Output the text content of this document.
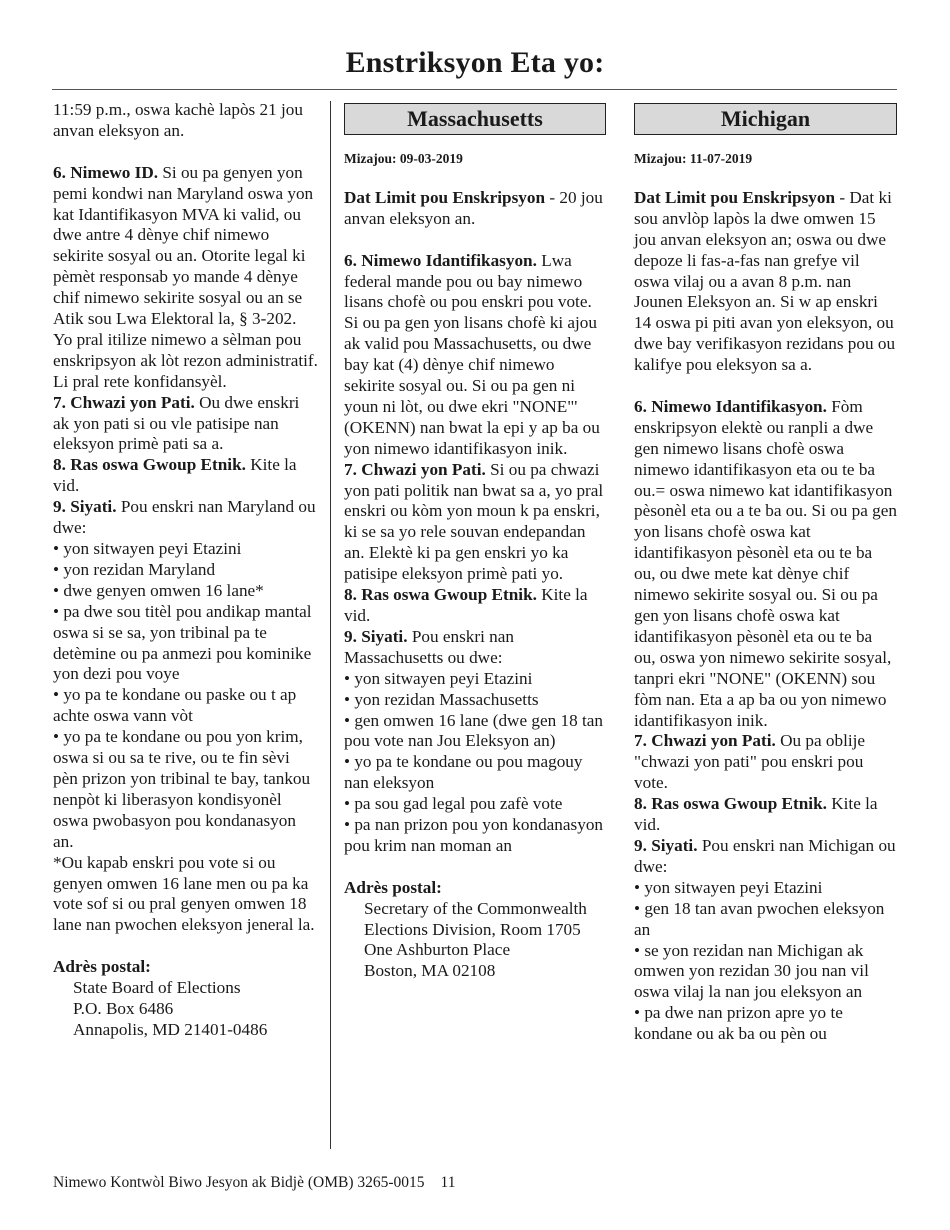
Enstriksyon Eta yo:
11:59 p.m., oswa kachè lapòs 21 jou anvan eleksyon an.
6. Nimewo ID. Si ou pa genyen yon pemi kondwi nan Maryland oswa yon kat Idantifikasyon MVA ki valid, ou dwe antre 4 dènye chif nimewo sekirite sosyal ou an. Otorite legal ki pèmèt responsab yo mande 4 dènye chif nimewo sekirite sosyal ou an se Atik sou Lwa Elektoral la, § 3-202. Yo pral itilize nimewo a sèlman pou enskripsyon ak lòt rezon administratif. Li pral rete konfidansyèl.
7. Chwazi yon Pati. Ou dwe enskri ak yon pati si ou vle patisipe nan eleksyon primè pati sa a.
8. Ras oswa Gwoup Etnik. Kite la vid.
9. Siyati. Pou enskri nan Maryland ou dwe:
• yon sitwayen peyi Etazini
• yon rezidan Maryland
• dwe genyen omwen 16 lane*
• pa dwe sou titèl pou andikap mantal oswa si se sa, yon tribinal pa te detèmine ou pa anmezi pou kominike yon dezi pou voye
• yo pa te kondane ou paske ou t ap achte oswa vann vòt
• yo pa te kondane ou pou yon krim, oswa si ou sa te rive, ou te fin sèvi pèn prizon yon tribinal te bay, tankou nenpòt ki liberasyon kondisyonèl oswa pwobasyon pou kondanasyon an.
*Ou kapab enskri pou vote si ou genyen omwen 16 lane men ou pa ka vote sof si ou pral genyen omwen 18 lane nan pwochen eleksyon jeneral la.
Adrès postal:
State Board of Elections
P.O. Box 6486
Annapolis, MD 21401-0486
Massachusetts
Mizajou: 09-03-2019
Dat Limit pou Enskripsyon - 20 jou anvan eleksyon an.
6. Nimewo Idantifikasyon. Lwa federal mande pou ou bay nimewo lisans chofè ou pou enskri pou vote. Si ou pa gen yon lisans chofè ki ajou ak valid pou Massachusetts, ou dwe bay kat (4) dènye chif nimewo sekirite sosyal ou. Si ou pa gen ni youn ni lòt, ou dwe ekri "NONE"' (OKENN) nan bwat la epi y ap ba ou yon nimewo idantifikasyon inik.
7. Chwazi yon Pati. Si ou pa chwazi yon pati politik nan bwat sa a, yo pral enskri ou kòm yon moun k pa enskri, ki se sa yo rele souvan endepandan an. Elektè ki pa gen enskri yo ka patisipe eleksyon primè pati yo.
8. Ras oswa Gwoup Etnik. Kite la vid.
9. Siyati. Pou enskri nan Massachusetts ou dwe:
• yon sitwayen peyi Etazini
• yon rezidan Massachusetts
• gen omwen 16 lane (dwe gen 18 tan pou vote nan Jou Eleksyon an)
• yo pa te kondane ou pou magouy nan eleksyon
• pa sou gad legal pou zafè vote
• pa nan prizon pou yon kondanasyon pou krim nan moman an
Adrès postal:
Secretary of the Commonwealth
Elections Division, Room 1705
One Ashburton Place
Boston, MA 02108
Michigan
Mizajou: 11-07-2019
Dat Limit pou Enskripsyon - Dat ki sou anvlòp lapòs la dwe omwen 15 jou anvan eleksyon an; oswa ou dwe depoze li fas-a-fas nan grefye vil oswa vilaj ou a avan 8 p.m. nan Jounen Eleksyon an. Si w ap enskri 14 oswa pi piti avan yon eleksyon, ou dwe bay verifikasyon rezidans pou ou kalifye pou eleksyon sa a.
6. Nimewo Idantifikasyon. Fòm enskripsyon elektè ou ranpli a dwe gen nimewo lisans chofè oswa nimewo idantifikasyon eta ou te ba ou.= oswa nimewo kat idantifikasyon pèsonèl eta ou a te ba ou. Si ou pa gen yon lisans chofè oswa kat idantifikasyon pèsonèl eta ou te ba ou, ou dwe mete kat dènye chif nimewo sekirite sosyal ou. Si ou pa gen yon lisans chofè oswa kat idantifikasyon pèsonèl eta ou te ba ou, oswa yon nimewo sekirite sosyal, tanpri ekri "NONE" (OKENN) sou fòm nan. Eta a ap ba ou yon nimewo idantifikasyon inik.
7. Chwazi yon Pati. Ou pa oblije "chwazi yon pati" pou enskri pou vote.
8. Ras oswa Gwoup Etnik. Kite la vid.
9. Siyati. Pou enskri nan Michigan ou dwe:
• yon sitwayen peyi Etazini
• gen 18 tan avan pwochen eleksyon an
• se yon rezidan nan Michigan ak omwen yon rezidan 30 jou nan vil oswa vilaj la nan jou eleksyon an
• pa dwe nan prizon apre yo te kondane ou ak ba ou pèn ou
Nimewo Kontwòl Biwo Jesyon ak Bidjè (OMB) 3265-0015 11
